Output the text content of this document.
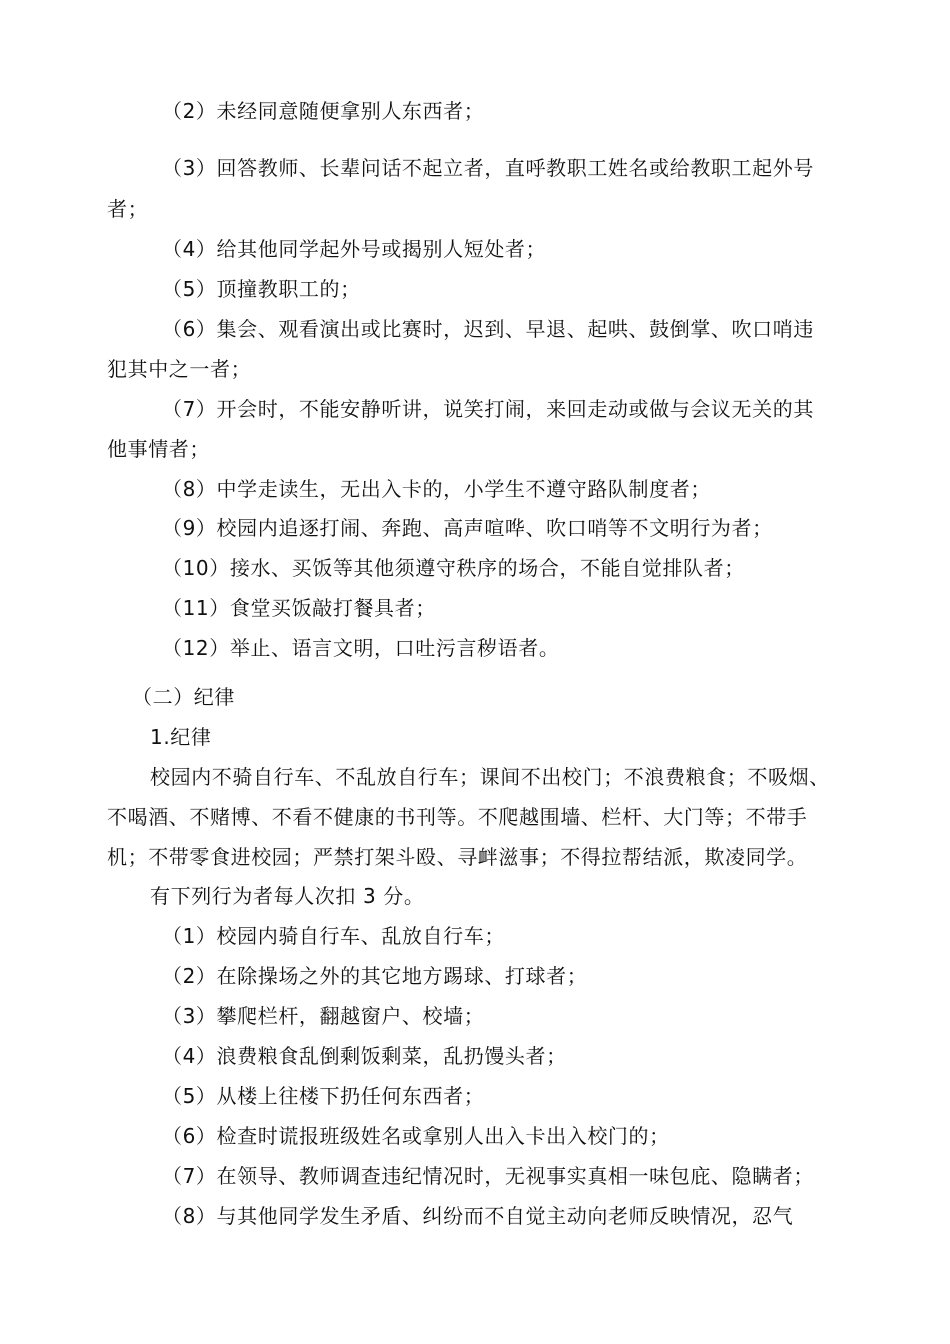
（2）未经同意随便拿别人东西者；
（3）回答教师、长辈问话不起立者，直呼教职工姓名或给教职工起外号
者；
（4）给其他同学起外号或揭别人短处者；
（5）顶撞教职工的；
（6）集会、观看演出或比赛时，迟到、早退、起哄、鼓倒掌、吹口哨违
犯其中之一者；
（7）开会时，不能安静听讲，说笑打闹，来回走动或做与会议无关的其
他事情者；
（8）中学走读生，无出入卡的，小学生不遵守路队制度者；
（9）校园内追逐打闹、奔跑、高声喧哗、吹口哨等不文明行为者；
（10）接水、买饭等其他须遵守秩序的场合，不能自觉排队者；
（11）食堂买饭敲打餐具者；
（12）举止、语言文明，口吐污言秽语者。
（二）纪律
1.纪律
校园内不骑自行车、不乱放自行车；课间不出校门；不浪费粮食；不吸烟、
不喝酒、不赌博、不看不健康的书刊等。不爬越围墙、栏杆、大门等；不带手
机；不带零食进校园；严禁打架斗殴、寻衅滋事；不得拉帮结派，欺凌同学。
有下列行为者每人次扣 3 分。
（1）校园内骑自行车、乱放自行车；
（2）在除操场之外的其它地方踢球、打球者；
（3）攀爬栏杆，翻越窗户、校墙；
（4）浪费粮食乱倒剩饭剩菜，乱扔馒头者；
（5）从楼上往楼下扔任何东西者；
（6）检查时谎报班级姓名或拿别人出入卡出入校门的；
（7）在领导、教师调查违纪情况时，无视事实真相一味包庇、隐瞒者；
（8）与其他同学发生矛盾、纠纷而不自觉主动向老师反映情况，忍气
